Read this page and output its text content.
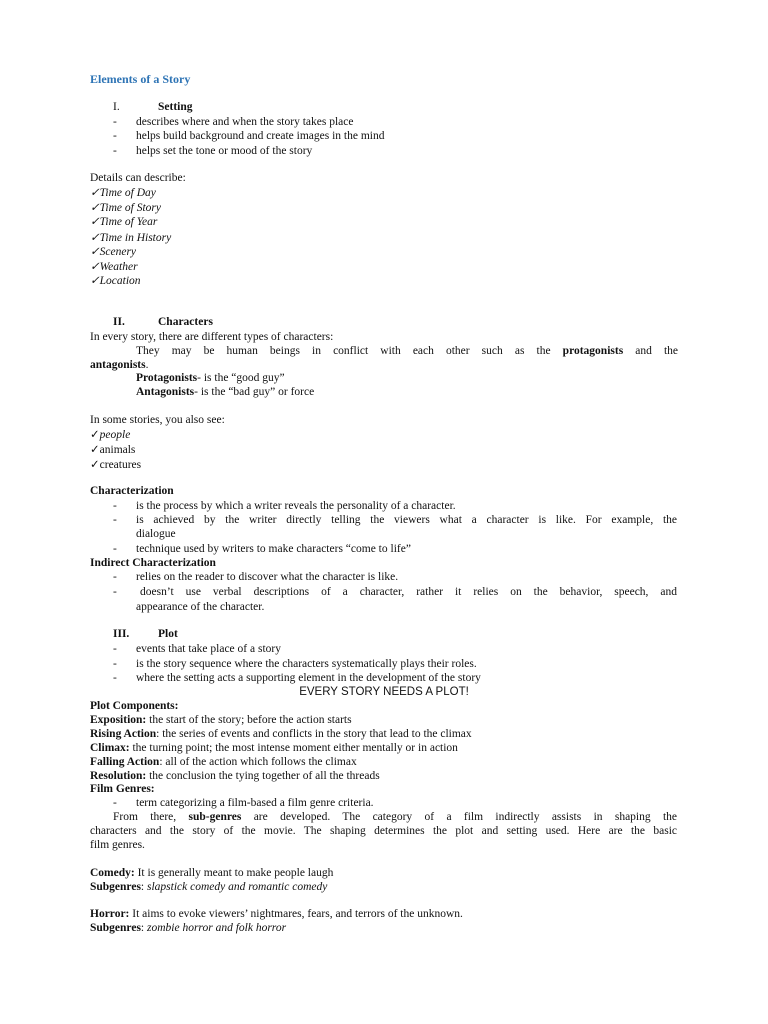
Elements of a Story
I.	Setting
-	describes where and when the story takes place
-	helps build background and create images in the mind
-	helps set the tone or mood of the story
Details can describe:
✓Time of Day
✓Time of Story
✓Time of Year
✓Time in History
✓Scenery
✓Weather
✓Location
II.	Characters
In every story, there are different types of characters:
They may be human beings in conflict with each other such as the protagonists and the
antagonists.
Protagonists- is the “good guy”
Antagonists- is the “bad guy” or force
In some stories, you also see:
✓people
✓animals
✓creatures
Characterization
-	is the process by which a writer reveals the personality of a character.
-	is achieved by the writer directly telling the viewers what a character is like. For example, the
dialogue
-	technique used by writers to make characters “come to life”
Indirect Characterization
-	relies on the reader to discover what the character is like.
-	doesn’t use verbal descriptions of a character, rather it relies on the behavior, speech, and
appearance of the character.
III. Plot
-	events that take place of a story
-	is the story sequence where the characters systematically plays their roles.
-	where the setting acts a supporting element in the development of the story
EVERY STORY NEEDS A PLOT!
Plot Components:
Exposition: the start of the story; before the action starts
Rising Action: the series of events and conflicts in the story that lead to the climax
Climax: the turning point; the most intense moment either mentally or in action
Falling Action: all of the action which follows the climax
Resolution: the conclusion the tying together of all the threads
Film Genres:
-	term categorizing a film-based a film genre criteria.
From there, sub-genres are developed. The category of a film indirectly assists in shaping the
characters and the story of the movie. The shaping determines the plot and setting used. Here are the basic
film genres.
Comedy: It is generally meant to make people laugh
Subgenres: slapstick comedy and romantic comedy
Horror: It aims to evoke viewers’ nightmares, fears, and terrors of the unknown.
Subgenres: zombie horror and folk horror
